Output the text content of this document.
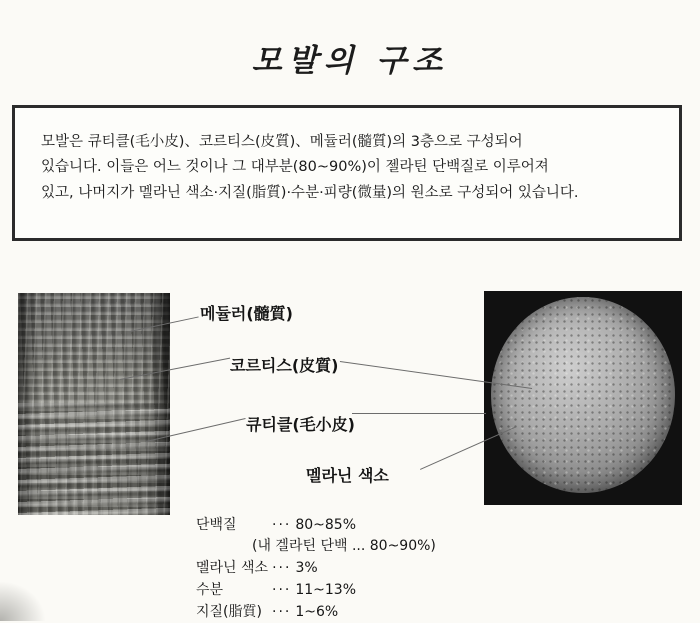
모발의 구조

모발은 큐티클(毛小皮)、코르티스(皮質)、메듈러(髓質)의 3층으로 구성되어

있습니다. 이들은 어느 것이나 그 대부분(80~90%)이 젤라틴 단백질로 이루어져

있고, 나머지가 멜라닌 색소·지질(脂質)·수분·피량(微量)의 원소로 구성되어 있습니다.

메듈러(髓質)
코르티스(皮質)
큐티클(毛小皮)
멜라닌 색소
단백질	··· 80~85%
(내 겔라틴 단백 ... 80~90%)
멜라닌 색소 ··· 3%
수분	··· 11~13%
지질(脂質) ··· 1~6%
